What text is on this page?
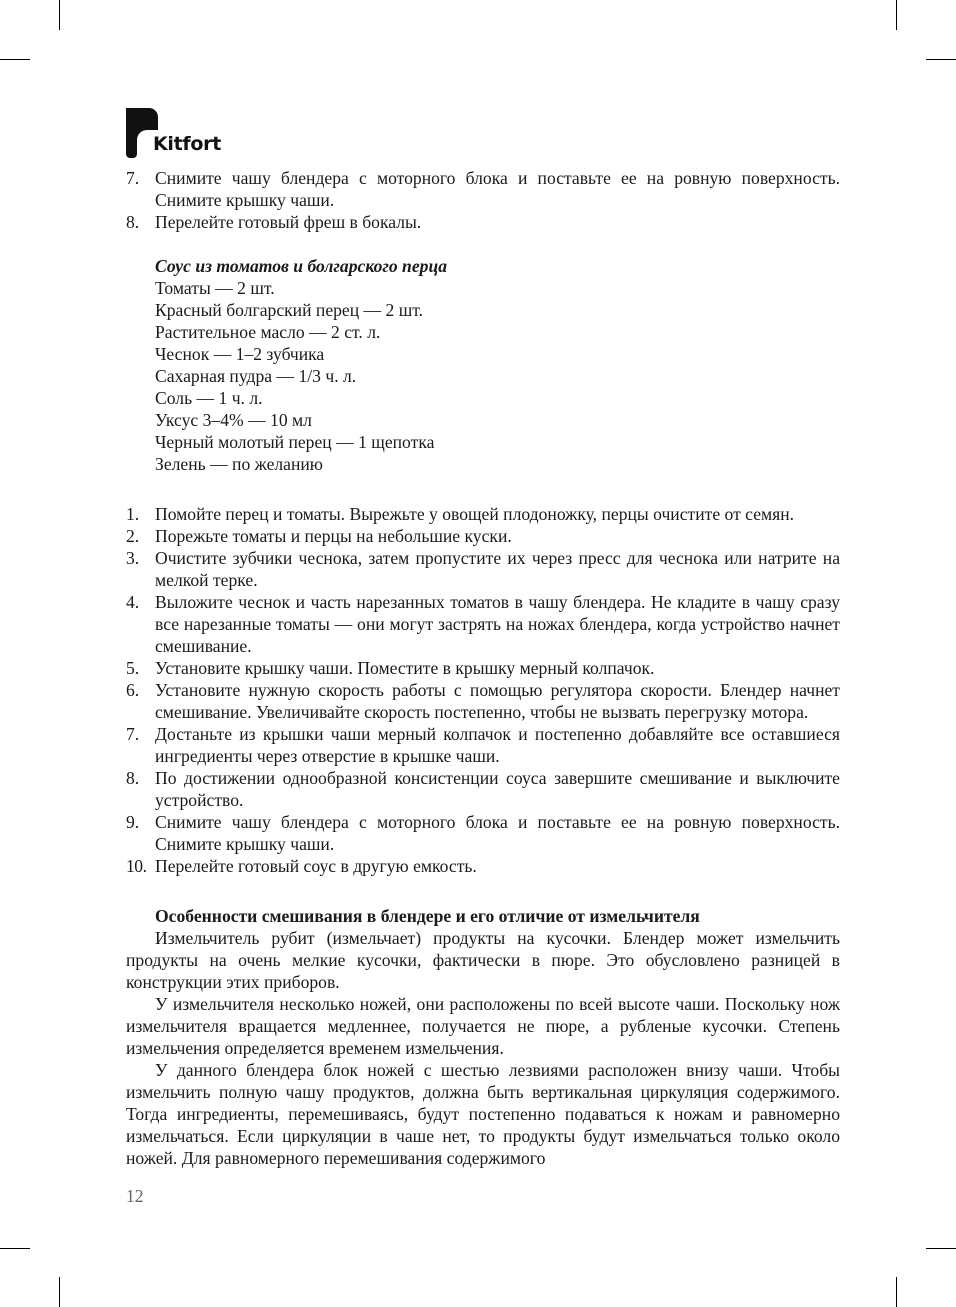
Kitfort
7. Снимите чашу блендера с моторного блока и поставьте ее на ровную поверхность. Снимите крышку чаши.
8. Перелейте готовый фреш в бокалы.
Соус из томатов и болгарского перца
Томаты — 2 шт.
Красный болгарский перец — 2 шт.
Растительное масло — 2 ст. л.
Чеснок — 1–2 зубчика
Сахарная пудра — 1/3 ч. л.
Соль — 1 ч. л.
Уксус 3–4% — 10 мл
Черный молотый перец — 1 щепотка
Зелень — по желанию
1. Помойте перец и томаты. Вырежьте у овощей плодоножку, перцы очистите от семян.
2. Порежьте томаты и перцы на небольшие куски.
3. Очистите зубчики чеснока, затем пропустите их через пресс для чеснока или натрите на мелкой терке.
4. Выложите чеснок и часть нарезанных томатов в чашу блендера. Не кладите в чашу сразу все нарезанные томаты — они могут застрять на ножах блендера, когда устройство начнет смешивание.
5. Установите крышку чаши. Поместите в крышку мерный колпачок.
6. Установите нужную скорость работы с помощью регулятора скорости. Блендер начнет смешивание. Увеличивайте скорость постепенно, чтобы не вызвать перегрузку мотора.
7. Достаньте из крышки чаши мерный колпачок и постепенно добавляйте все оставшиеся ингредиенты через отверстие в крышке чаши.
8. По достижении однообразной консистенции соуса завершите смешивание и выключите устройство.
9. Снимите чашу блендера с моторного блока и поставьте ее на ровную поверхность. Снимите крышку чаши.
10. Перелейте готовый соус в другую емкость.
Особенности смешивания в блендере и его отличие от измельчителя

Измельчитель рубит (измельчает) продукты на кусочки. Блендер может измельчить продукты на очень мелкие кусочки, фактически в пюре. Это обусловлено разницей в конструкции этих приборов.

У измельчителя несколько ножей, они расположены по всей высоте чаши. Поскольку нож измельчителя вращается медленнее, получается не пюре, а рубленые кусочки. Степень измельчения определяется временем измельчения.

У данного блендера блок ножей с шестью лезвиями расположен внизу чаши. Чтобы измельчить полную чашу продуктов, должна быть вертикальная циркуляция содержимого. Тогда ингредиенты, перемешиваясь, будут постепенно подаваться к ножам и равномерно измельчаться. Если циркуляции в чаше нет, то продукты будут измельчаться только около ножей. Для равномерного перемешивания содержимого

12
